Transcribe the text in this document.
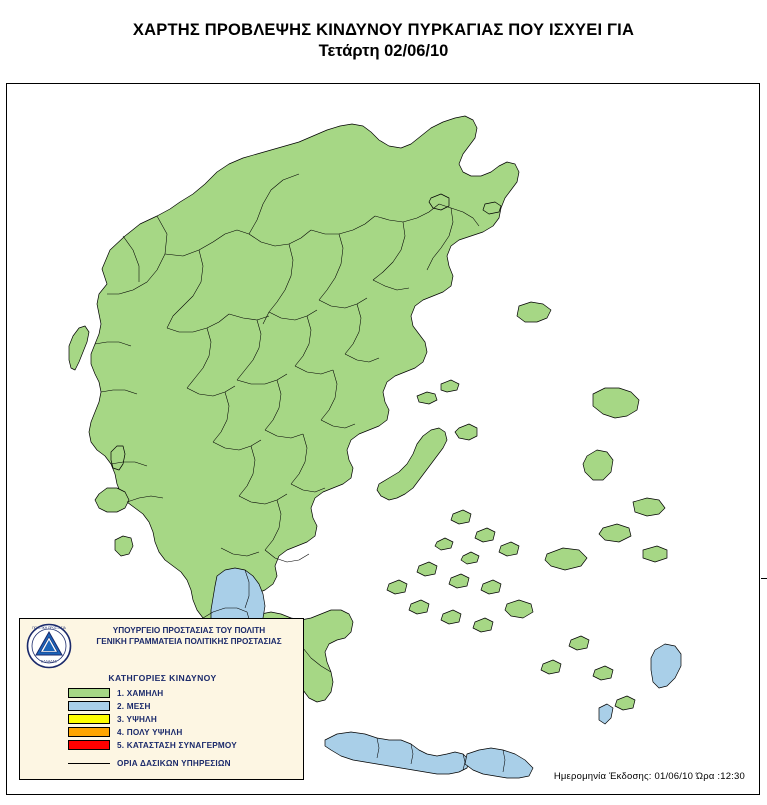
ΧΑΡΤΗΣ ΠΡΟΒΛΕΨΗΣ ΚΙΝΔΥΝΟΥ ΠΥΡΚΑΓΙΑΣ ΠΟΥ ΙΣΧΥΕΙ ΓΙΑ
Τετάρτη 02/06/10
ΕΛΛΑΔΑΣ
ΠΟΛΙΤΙΚΗ ΠΡΟΣΤΑΣΙΑ	ΥΠΟΥΡΓΕΙΟ ΠΡΟΣΤΑΣΙΑΣ ΤΟΥ ΠΟΛΙΤΗ
ΓΕΝΙΚΗ ΓΡΑΜΜΑΤΕΙΑ ΠΟΛΙΤΙΚΗΣ ΠΡΟΣΤΑΣΙΑΣ
ΚΑΤΗΓΟΡΙΕΣ ΚΙΝΔΥΝΟΥ
1. ΧΑΜΗΛΗ
2. ΜΕΣΗ
3. ΥΨΗΛΗ
4. ΠΟΛΥ ΥΨΗΛΗ
5. ΚΑΤΑΣΤΑΣΗ ΣΥΝΑΓΕΡΜΟΥ
ΟΡΙΑ ΔΑΣΙΚΩΝ ΥΠΗΡΕΣΙΩΝ
Ημερομηνία Έκδοσης: 01/06/10 Ώρα :12:30
